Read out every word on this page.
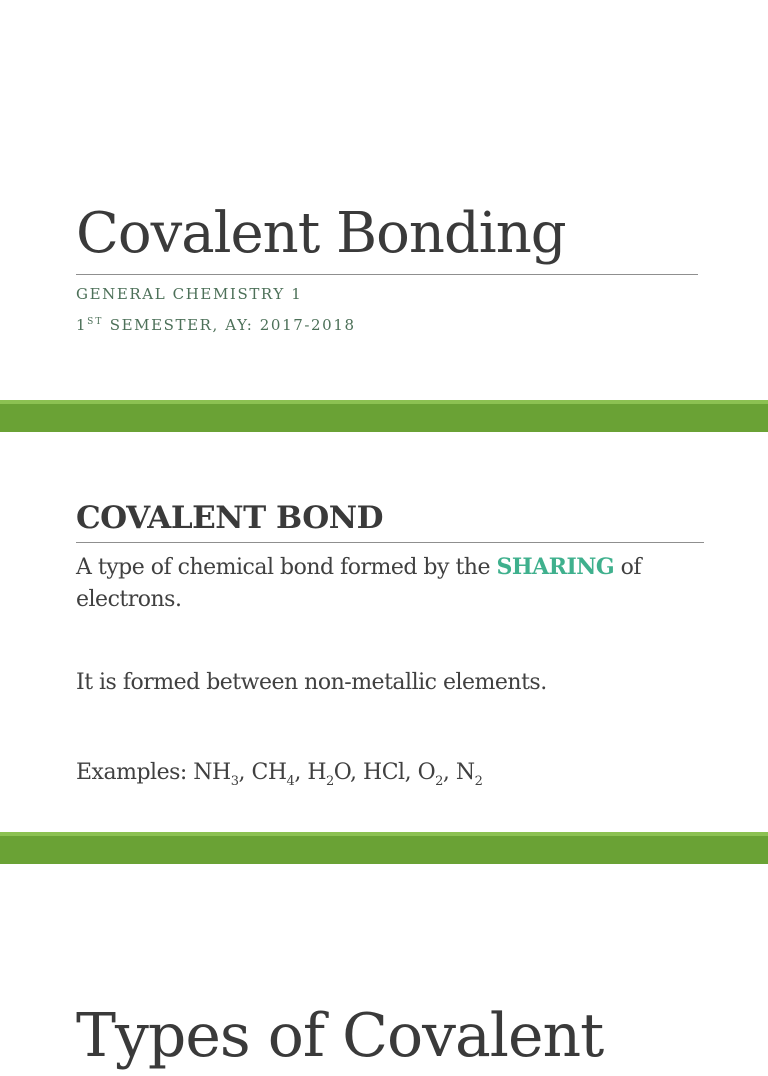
Covalent Bonding

GENERAL CHEMISTRY 1

1ST SEMESTER, AY: 2017-2018

COVALENT BOND

A type of chemical bond formed by the SHARING of electrons.

It is formed between non-metallic elements.

Examples: $NH_3$, $CH_4$, $H_2O$, HCl, $O_2$, $N_2$

Types of Covalent
